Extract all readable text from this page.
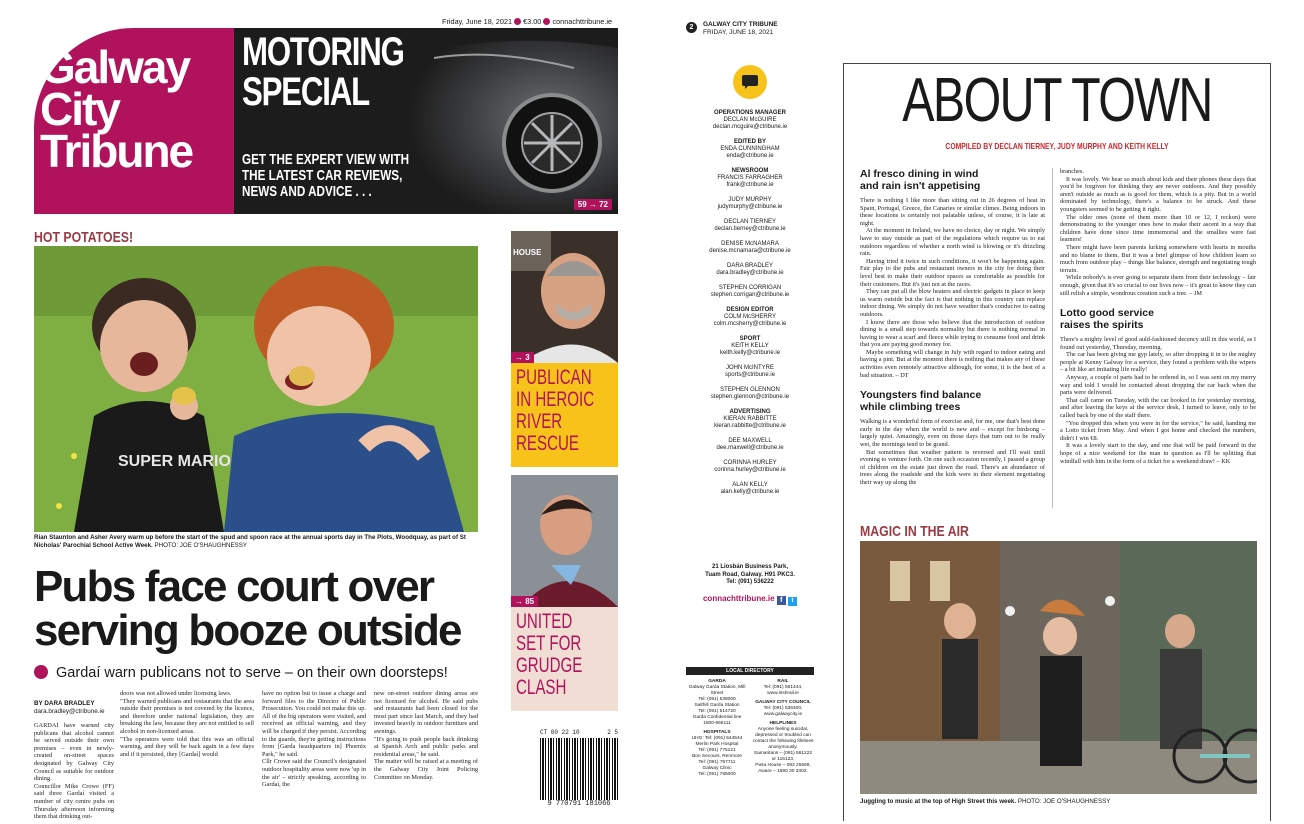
Friday, June 18, 2021 €3.00 connachttribune.ie
Galway
City
Tribune
MOTORING
SPECIAL
GET THE EXPERT VIEW WITH
THE LATEST CAR REVIEWS,
NEWS AND ADVICE . . .
59 → 72
HOT POTATOES!
SUPER MARIO
Rian Staunton and Asher Avery warm up before the start of the spud and spoon race at the annual sports day in The Plots, Woodquay, as part of St Nicholas' Parochial School Active Week. PHOTO: JOE O'SHAUGHNESSY
HOUSE
→ 3
PUBLICAN
IN HEROIC
RIVER
RESCUE
→ 85
UNITED
SET FOR
GRUDGE
CLASH
Pubs face court over
serving booze outside
Gardaí warn publicans not to serve – on their own doorsteps!
BY DARA BRADLEY
dara.bradley@ctribune.ie
GARDAÍ have warned city publicans that alcohol cannot be served outside their own premises – even in newly-created on-street spaces designated by Galway City Council as suitable for outdoor dining.
Councillor Mike Crowe (FF) said three Gardaí visited a number of city centre pubs on Thursday afternoon informing them that drinking out-
doors was not allowed under licensing laws.
"They warned publicans and restaurants that the area outside their premises is not covered by the licence, and therefore under national legislation, they are breaking the law, because they are not entitled to sell alcohol in non-licensed areas.
"The operators were told that this was an official warning, and they will be back again in a few days and if it persisted, they [Gardaí] would
have no option but to issue a charge and forward files to the Director of Public Prosecution. You could not make this up. All of the big operators were visited, and received an official warning, and they will be charged if they persist. According to the guards, they're getting instructions from [Garda headquarters in] Phoenix Park," he said.
Cllr Crowe said the Council's designated outdoor hospitality areas were now 'up in the air' – strictly speaking, according to Gardaí, the
new on-street outdoor dining areas are not licensed for alcohol. He said pubs and restaurants had been closed for the most part since last March, and they had invested heavily in outdoor furniture and awnings.
"It's going to push people back drinking at Spanish Arch and public parks and residential areas," he said.
The matter will be raised at a meeting of the Galway City Joint Policing Committee on Monday.
CT 00 22 10	2 5
9 770791 181066
2	GALWAY CITY TRIBUNE
FRIDAY, JUNE 18, 2021
OPERATIONS MANAGER
DECLAN McGUIRE
declan.mcguire@ctribune.ie
EDITED BY
ENDA CUNNINGHAM
enda@ctribune.ie
NEWSROOM
FRANCIS FARRAGHER
frank@ctribune.ie
JUDY MURPHY
judymurphy@ctribune.ie
DECLAN TIERNEY
declan.tierney@ctribune.ie
DENISE McNAMARA
denise.mcnamara@ctribune.ie
DARA BRADLEY
dara.bradley@ctribune.ie
STEPHEN CORRIGAN
stephen.corrigan@ctribune.ie
DESIGN EDITOR
COLM McSHERRY
colm.mcsherry@ctribune.ie
SPORT
KEITH KELLY
keith.kelly@ctribune.ie
JOHN McINTYRE
sports@ctribune.ie
STEPHEN GLENNON
stephen.glennon@ctribune.ie
ADVERTISING
KIERAN RABBITTE
kieran.rabbitte@ctribune.ie
DEE MAXWELL
dee.maxwell@ctribune.ie
CORINNA HURLEY
corinna.hurley@ctribune.ie
ALAN KELLY
alan.kelly@ctribune.ie
21 Liosbán Business Park,
Tuam Road, Galway. H91 PKC3.
Tel: (091) 536222
connachttribune.ie f t
LOCAL DIRECTORY
GARDA
Galway Garda Station, Mill Street
Tel: (091) 538000
Salthill Garda Station
Tel: (091) 514720
Garda Confidential line
1800-666111
HOSPITALS
UHG: Tel: (091) 544544
Merlin Park Hospital
Tel: (091) 775121
Bon Secours, Renmore
Tel: (091) 757711
Galway Clinic
Tel: (091) 785000
RAIL
Tel: (091) 561444,
www.irishrail.ie
GALWAY CITY COUNCIL
Tel: (091) 536400,
www.galwaycity.ie
HELPLINES
Anyone feeling suicidal, depressed or troubled can contact the following lifelines anonymously.
Samaritans – (091) 561222
or 116123,
Pieta House – 083 25599,
Aware – 1890 30 3302.
ABOUT TOWN
COMPILED BY DECLAN TIERNEY, JUDY MURPHY AND KEITH KELLY
Al fresco dining in wind
and rain isn't appetising
There is nothing I like more than sitting out in 26 degrees of heat in Spain, Portugal, Greece, the Canaries or similar climes. Being indoors in these locations is certainly not palatable unless, of course, it is late at night.
At the moment in Ireland, we have no choice, day or night. We simply have to stay outside as part of the regulations which require us to eat outdoors regardless of whether a north wind is blowing or it's drizzling rain.
Having tried it twice in such conditions, it won't be happening again. Fair play to the pubs and restaurant owners in the city for doing their level best to make their outdoor spaces as comfortable as possible for their customers. But it's just not at the races.
They can put all the blow heaters and electric gadgets in place to keep us warm outside but the fact is that nothing in this country can replace indoor dining. We simply do not have weather that's conducive to eating outdoors.
I know there are those who believe that the introduction of outdoor dining is a small step towards normality but there is nothing normal in having to wear a scarf and fleece while trying to consume food and drink that you are paying good money for.
Maybe something will change in July with regard to indoor eating and having a pint. But at the moment there is nothing that makes any of these activities even remotely attractive although, for some, it is the best of a bad situation. – DT
Youngsters find balance
while climbing trees
Walking is a wonderful form of exercise and, for me, one that's best done early in the day when the world is new and – except for birdsong – largely quiet. Amazingly, even on those days that turn out to be really wet, the mornings tend to be grand.
But sometimes that weather pattern is reversed and I'll wait until evening to venture forth. On one such occasion recently, I passed a group of children on the estate just down the road. There's an abundance of trees along the roadside and the kids were in their element negotiating their way up along the
branches.
It was lovely. We hear so much about kids and their phones these days that you'd be forgiven for thinking they are never outdoors. And they possibly aren't outside as much as is good for them, which is a pity. But in a world dominated by technology, there's a balance to be struck. And these youngsters seemed to be getting it right.
The older ones (none of them more than 10 or 12, I reckon) were demonstrating to the younger ones how to make their ascent in a way that children have done since time immemorial and the smallies were fast learners!
There might have been parents lurking somewhere with hearts in mouths and no blame to them. But it was a brief glimpse of how children learn so much from outdoor play – things like balance, strength and negotiating tough terrain.
While nobody's is ever going to separate them from their technology – fair enough, given that it's so crucial to our lives now – it's great to know they can still relish a simple, wondrous creation such a tree. – JM
Lotto good service
raises the spirits
There's a mighty level of good auld-fashioned decency still in this world, as I found out yesterday, Thursday, morning.
The car has been giving me gyp lately, so after dropping it in to the mighty people at Kenny Galway for a service, they found a problem with the wipers – a bit like art imitating life really!
Anyway, a couple of parts had to be ordered in, so I was sent on my merry way and told I would be contacted about dropping the car back when the parts were delivered.
That call came on Tuesday, with the car booked in for yesterday morning, and after leaving the keys at the service desk, I turned to leave, only to be called back by one of the staff there.
"You dropped this when you were in for the service," he said, handing me a Lotto ticket from May. And when I got home and checked the numbers, didn't I win €8.
It was a lovely start to the day, and one that will be paid forward in the hope of a nice weekend for the man in question as I'll be splitting that windfall with him in the form of a ticket for a weekend draw! – KK
MAGIC IN THE AIR
Juggling to music at the top of High Street this week. PHOTO: JOE O'SHAUGHNESSY
